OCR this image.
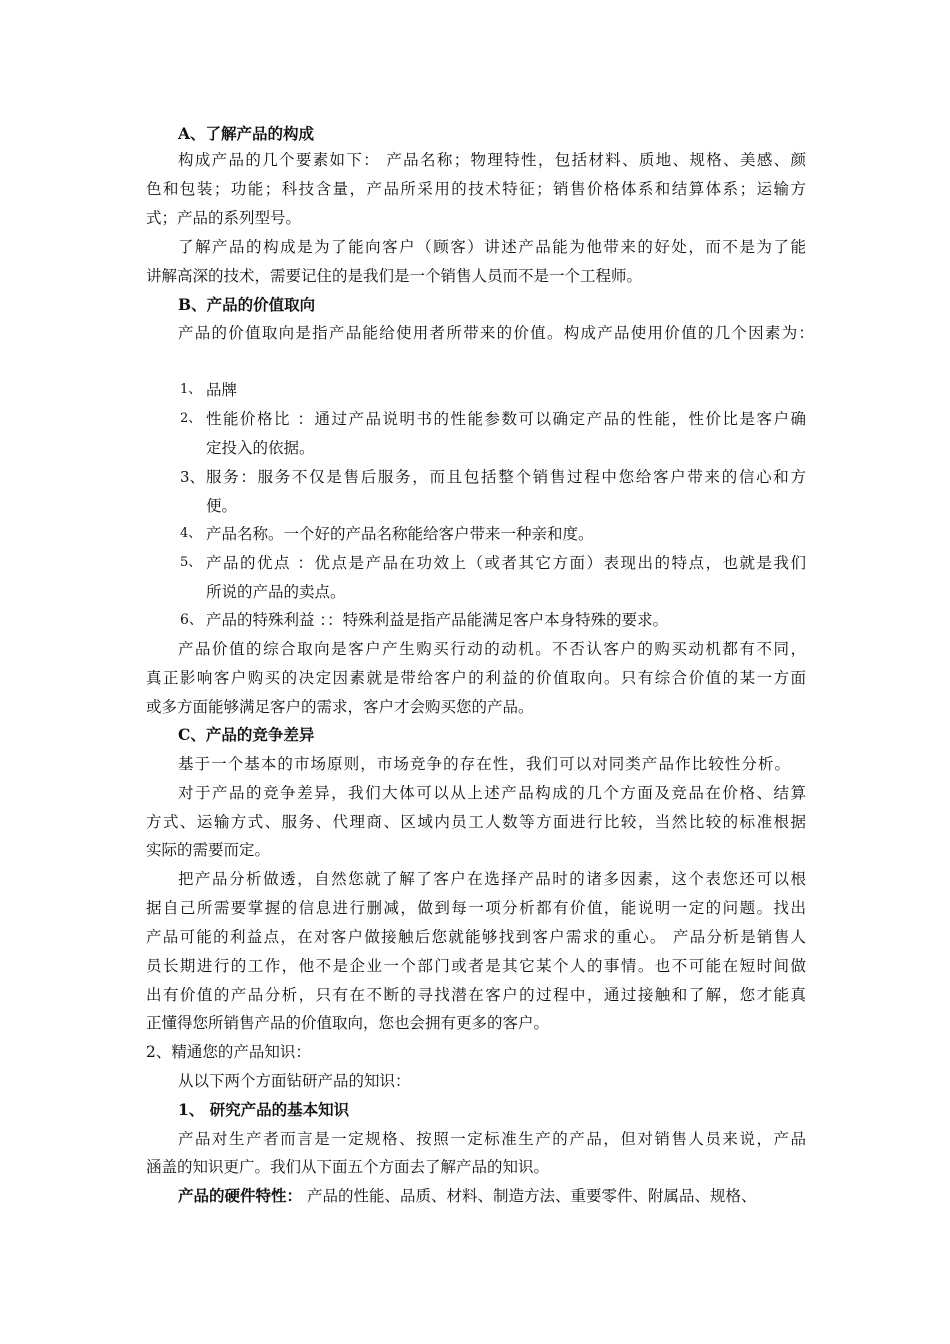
A、了解产品的构成
构成产品的几个要素如下： 产品名称；物理特性，包括材料、质地、规格、美感、颜
色和包装；功能；科技含量，产品所采用的技术特征；销售价格体系和结算体系；运输方
式；产品的系列型号。
了解产品的构成是为了能向客户（顾客）讲述产品能为他带来的好处，而不是为了能
讲解高深的技术，需要记住的是我们是一个销售人员而不是一个工程师。
B、产品的价值取向
产品的价值取向是指产品能给使用者所带来的价值。构成产品使用价值的几个因素为：
1、 品牌
2、 性能价格比 ：通过产品说明书的性能参数可以确定产品的性能，性价比是客户确
定投入的依据。
3、 服务：服务不仅是售后服务，而且包括整个销售过程中您给客户带来的信心和方
便。
4、 产品名称。一个好的产品名称能给客户带来一种亲和度。
5、 产品的优点 ：优点是产品在功效上（或者其它方面）表现出的特点，也就是我们
所说的产品的卖点。
6、 产品的特殊利益 ：：特殊利益是指产品能满足客户本身特殊的要求。
产品价值的综合取向是客户产生购买行动的动机。不否认客户的购买动机都有不同，
真正影响客户购买的决定因素就是带给客户的利益的价值取向。只有综合价值的某一方面
或多方面能够满足客户的需求，客户才会购买您的产品。
C、产品的竞争差异
基于一个基本的市场原则，市场竞争的存在性，我们可以对同类产品作比较性分析。
对于产品的竞争差异，我们大体可以从上述产品构成的几个方面及竞品在价格、结算
方式、运输方式、服务、代理商、区域内员工人数等方面进行比较，当然比较的标准根据
实际的需要而定。
把产品分析做透，自然您就了解了客户在选择产品时的诸多因素，这个表您还可以根
据自己所需要掌握的信息进行删减，做到每一项分析都有价值，能说明一定的问题。找出
产品可能的利益点，在对客户做接触后您就能够找到客户需求的重心。 产品分析是销售人
员长期进行的工作，他不是企业一个部门或者是其它某个人的事情。也不可能在短时间做
出有价值的产品分析，只有在不断的寻找潜在客户的过程中，通过接触和了解，您才能真
正懂得您所销售产品的价值取向，您也会拥有更多的客户。
2、精通您的产品知识：
从以下两个方面钻研产品的知识：
1、 研究产品的基本知识
产品对生产者而言是一定规格、按照一定标准生产的产品，但对销售人员来说，产品
涵盖的知识更广。我们从下面五个方面去了解产品的知识。
产品的硬件特性： 产品的性能、品质、材料、制造方法、重要零件、附属品、规格、
